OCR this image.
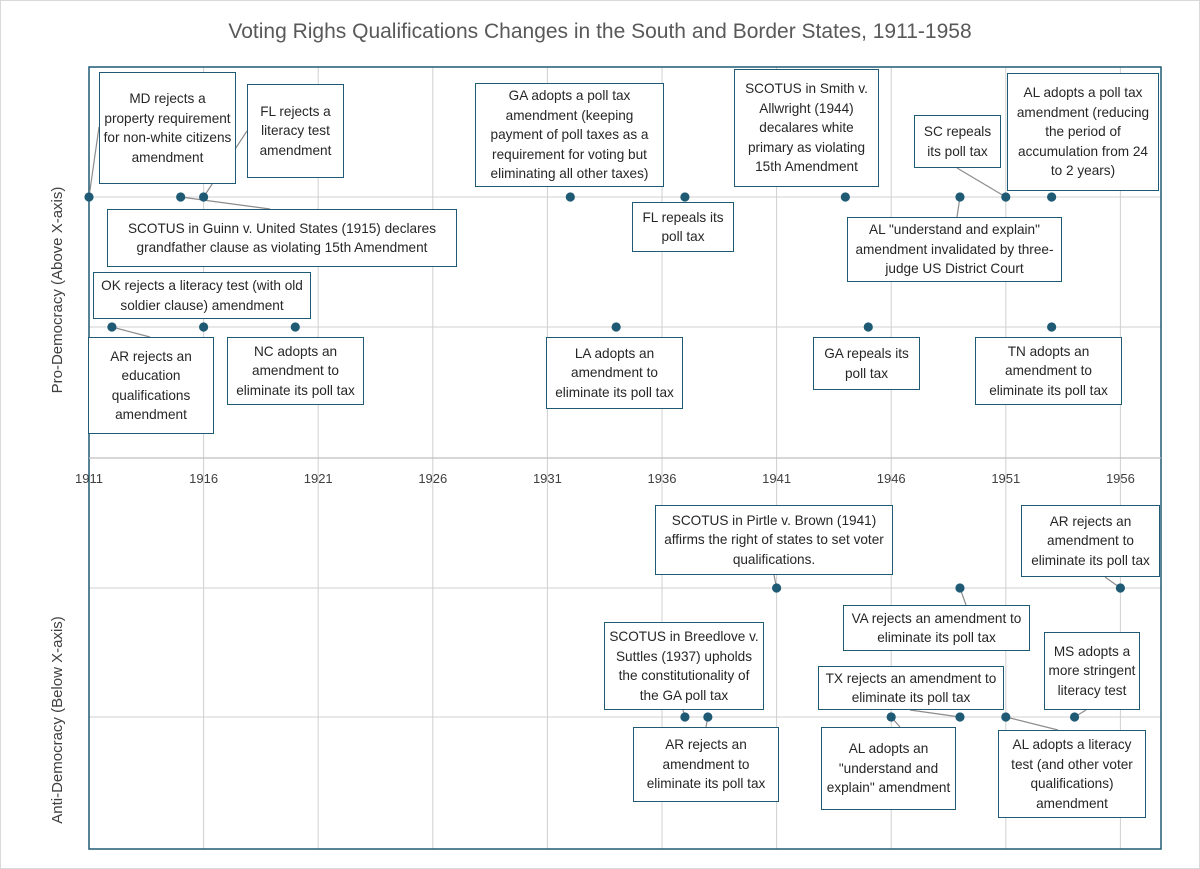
Voting Righs Qualifications Changes in the South and Border States, 1911-1958
1911	1916	1921	1926	1931	1936	1941	1946	1951	1956
Pro-Democracy (Above X-axis)
Anti-Democracy (Below X-axis)
MD rejects a property requirement for non-white citizens amendment
SCOTUS in Guinn v. United States (1915) declares grandfather clause as violating 15th Amendment
FL rejects a literacy test amendment
AR rejects an education qualifications amendment
OK rejects a literacy test (with old soldier clause) amendment
NC adopts an amendment to eliminate its poll tax
GA adopts a poll tax amendment (keeping payment of poll taxes as a requirement for voting but eliminating all other taxes)
FL repeals its poll tax
LA adopts an amendment to eliminate its poll tax
SCOTUS in Smith v. Allwright (1944) decalares white primary as violating 15th Amendment
AL "understand and explain" amendment invalidated by three-judge US District Court
SC repeals its poll tax
AL adopts a poll tax amendment (reducing the period of accumulation from 24 to 2 years)
GA repeals its poll tax
TN adopts an amendment to eliminate its poll tax
SCOTUS in Pirtle v. Brown (1941) affirms the right of states to set voter qualifications.
VA rejects an amendment to eliminate its poll tax
AR rejects an amendment to eliminate its poll tax
SCOTUS in Breedlove v. Suttles (1937) upholds the constitutionality of the GA poll tax
AR rejects an amendment to eliminate its poll tax
AL adopts an "understand and explain" amendment
TX rejects an amendment to eliminate its poll tax
AL adopts a literacy test (and other voter qualifications) amendment
MS adopts a more stringent literacy test
